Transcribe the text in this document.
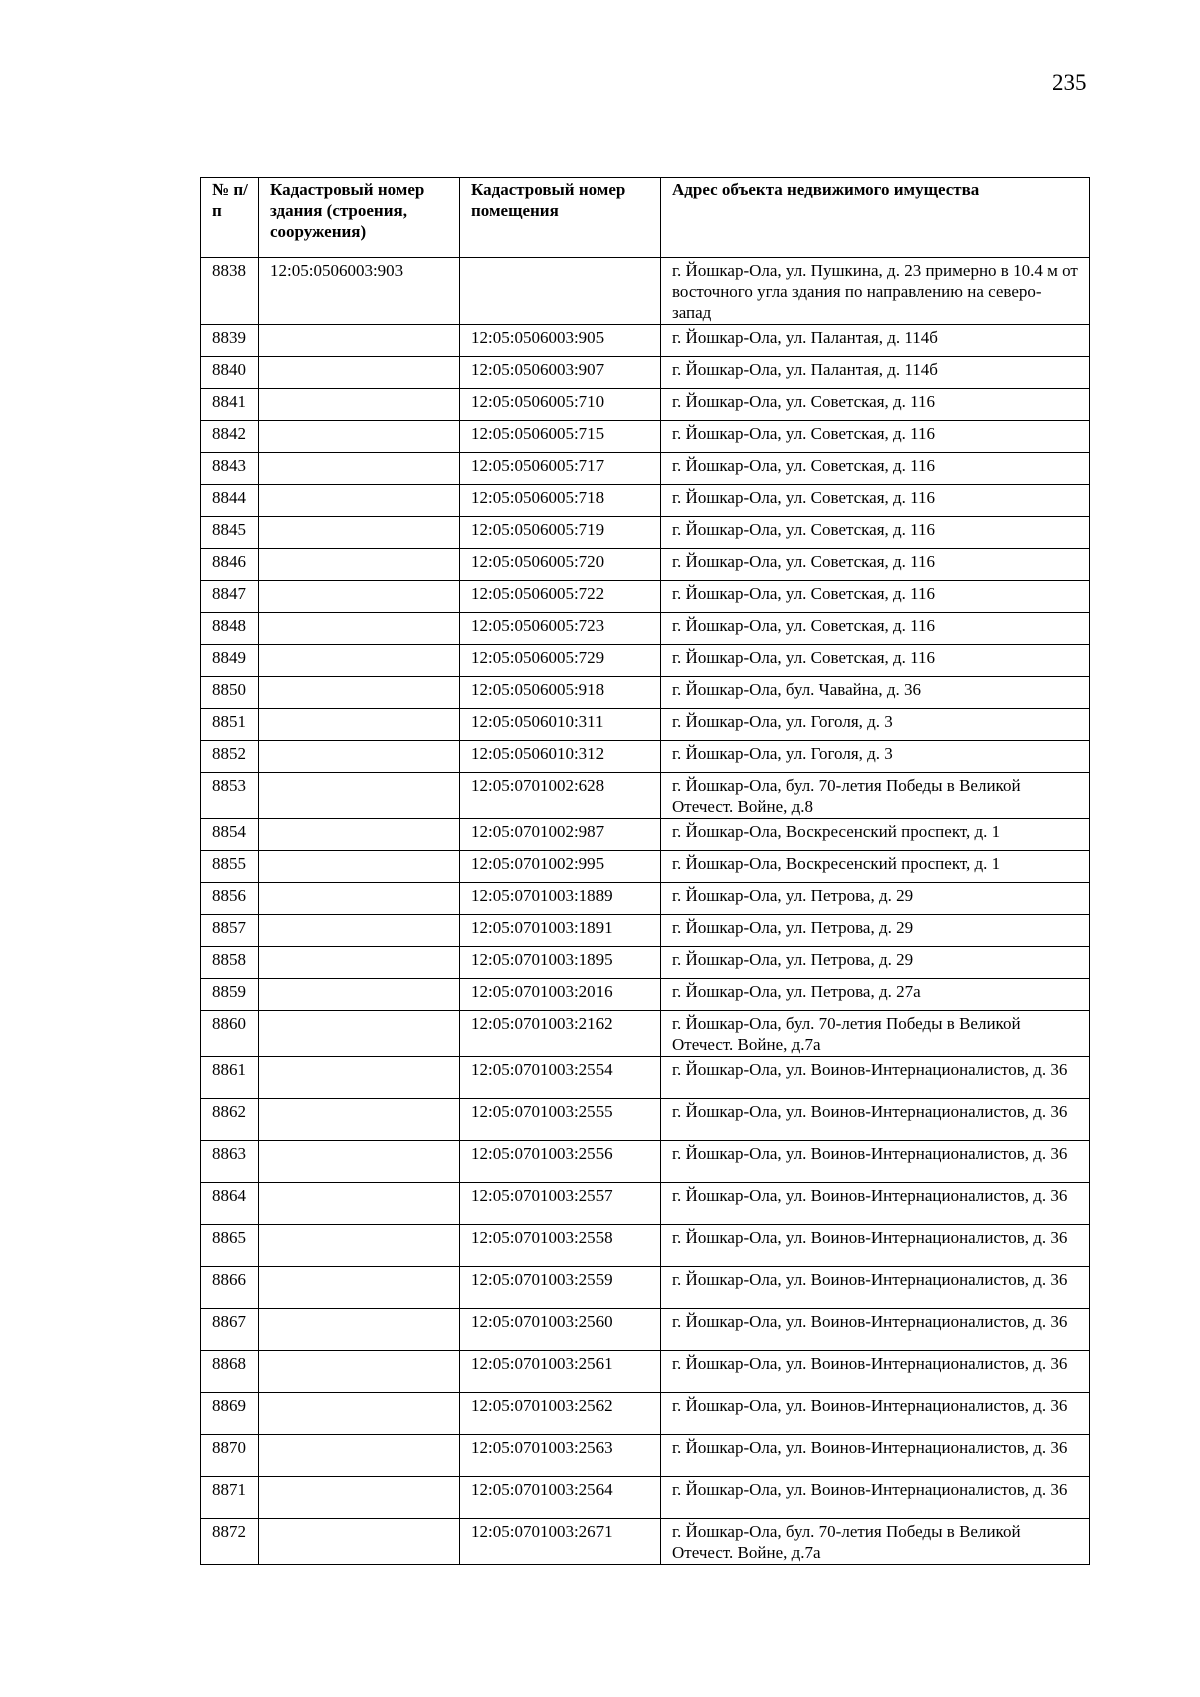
235
№ п/п	Кадастровый номер здания (строения, сооружения)	Кадастровый номер помещения	Адрес объекта недвижимого имущества
8838	12:05:0506003:903		г. Йошкар-Ола, ул. Пушкина, д. 23 примерно в 10.4 м от восточного угла здания по направлению на северо-запад
8839		12:05:0506003:905	г. Йошкар-Ола, ул. Палантая, д. 114б
8840		12:05:0506003:907	г. Йошкар-Ола, ул. Палантая, д. 114б
8841		12:05:0506005:710	г. Йошкар-Ола, ул. Советская, д. 116
8842		12:05:0506005:715	г. Йошкар-Ола, ул. Советская, д. 116
8843		12:05:0506005:717	г. Йошкар-Ола, ул. Советская, д. 116
8844		12:05:0506005:718	г. Йошкар-Ола, ул. Советская, д. 116
8845		12:05:0506005:719	г. Йошкар-Ола, ул. Советская, д. 116
8846		12:05:0506005:720	г. Йошкар-Ола, ул. Советская, д. 116
8847		12:05:0506005:722	г. Йошкар-Ола, ул. Советская, д. 116
8848		12:05:0506005:723	г. Йошкар-Ола, ул. Советская, д. 116
8849		12:05:0506005:729	г. Йошкар-Ола, ул. Советская, д. 116
8850		12:05:0506005:918	г. Йошкар-Ола, бул. Чавайна, д. 36
8851		12:05:0506010:311	г. Йошкар-Ола, ул. Гоголя, д. 3
8852		12:05:0506010:312	г. Йошкар-Ола, ул. Гоголя, д. 3
8853		12:05:0701002:628	г. Йошкар-Ола, бул. 70-летия Победы в Великой Отечест. Войне, д.8
8854		12:05:0701002:987	г. Йошкар-Ола, Воскресенский проспект, д. 1
8855		12:05:0701002:995	г. Йошкар-Ола, Воскресенский проспект, д. 1
8856		12:05:0701003:1889	г. Йошкар-Ола, ул. Петрова, д. 29
8857		12:05:0701003:1891	г. Йошкар-Ола, ул. Петрова, д. 29
8858		12:05:0701003:1895	г. Йошкар-Ола, ул. Петрова, д. 29
8859		12:05:0701003:2016	г. Йошкар-Ола, ул. Петрова, д. 27а
8860		12:05:0701003:2162	г. Йошкар-Ола, бул. 70-летия Победы в Великой Отечест. Войне, д.7а
8861		12:05:0701003:2554	г. Йошкар-Ола, ул. Воинов-Интернационалистов, д. 36
8862		12:05:0701003:2555	г. Йошкар-Ола, ул. Воинов-Интернационалистов, д. 36
8863		12:05:0701003:2556	г. Йошкар-Ола, ул. Воинов-Интернационалистов, д. 36
8864		12:05:0701003:2557	г. Йошкар-Ола, ул. Воинов-Интернационалистов, д. 36
8865		12:05:0701003:2558	г. Йошкар-Ола, ул. Воинов-Интернационалистов, д. 36
8866		12:05:0701003:2559	г. Йошкар-Ола, ул. Воинов-Интернационалистов, д. 36
8867		12:05:0701003:2560	г. Йошкар-Ола, ул. Воинов-Интернационалистов, д. 36
8868		12:05:0701003:2561	г. Йошкар-Ола, ул. Воинов-Интернационалистов, д. 36
8869		12:05:0701003:2562	г. Йошкар-Ола, ул. Воинов-Интернационалистов, д. 36
8870		12:05:0701003:2563	г. Йошкар-Ола, ул. Воинов-Интернационалистов, д. 36
8871		12:05:0701003:2564	г. Йошкар-Ола, ул. Воинов-Интернационалистов, д. 36
8872		12:05:0701003:2671	г. Йошкар-Ола, бул. 70-летия Победы в Великой Отечест. Войне, д.7а
